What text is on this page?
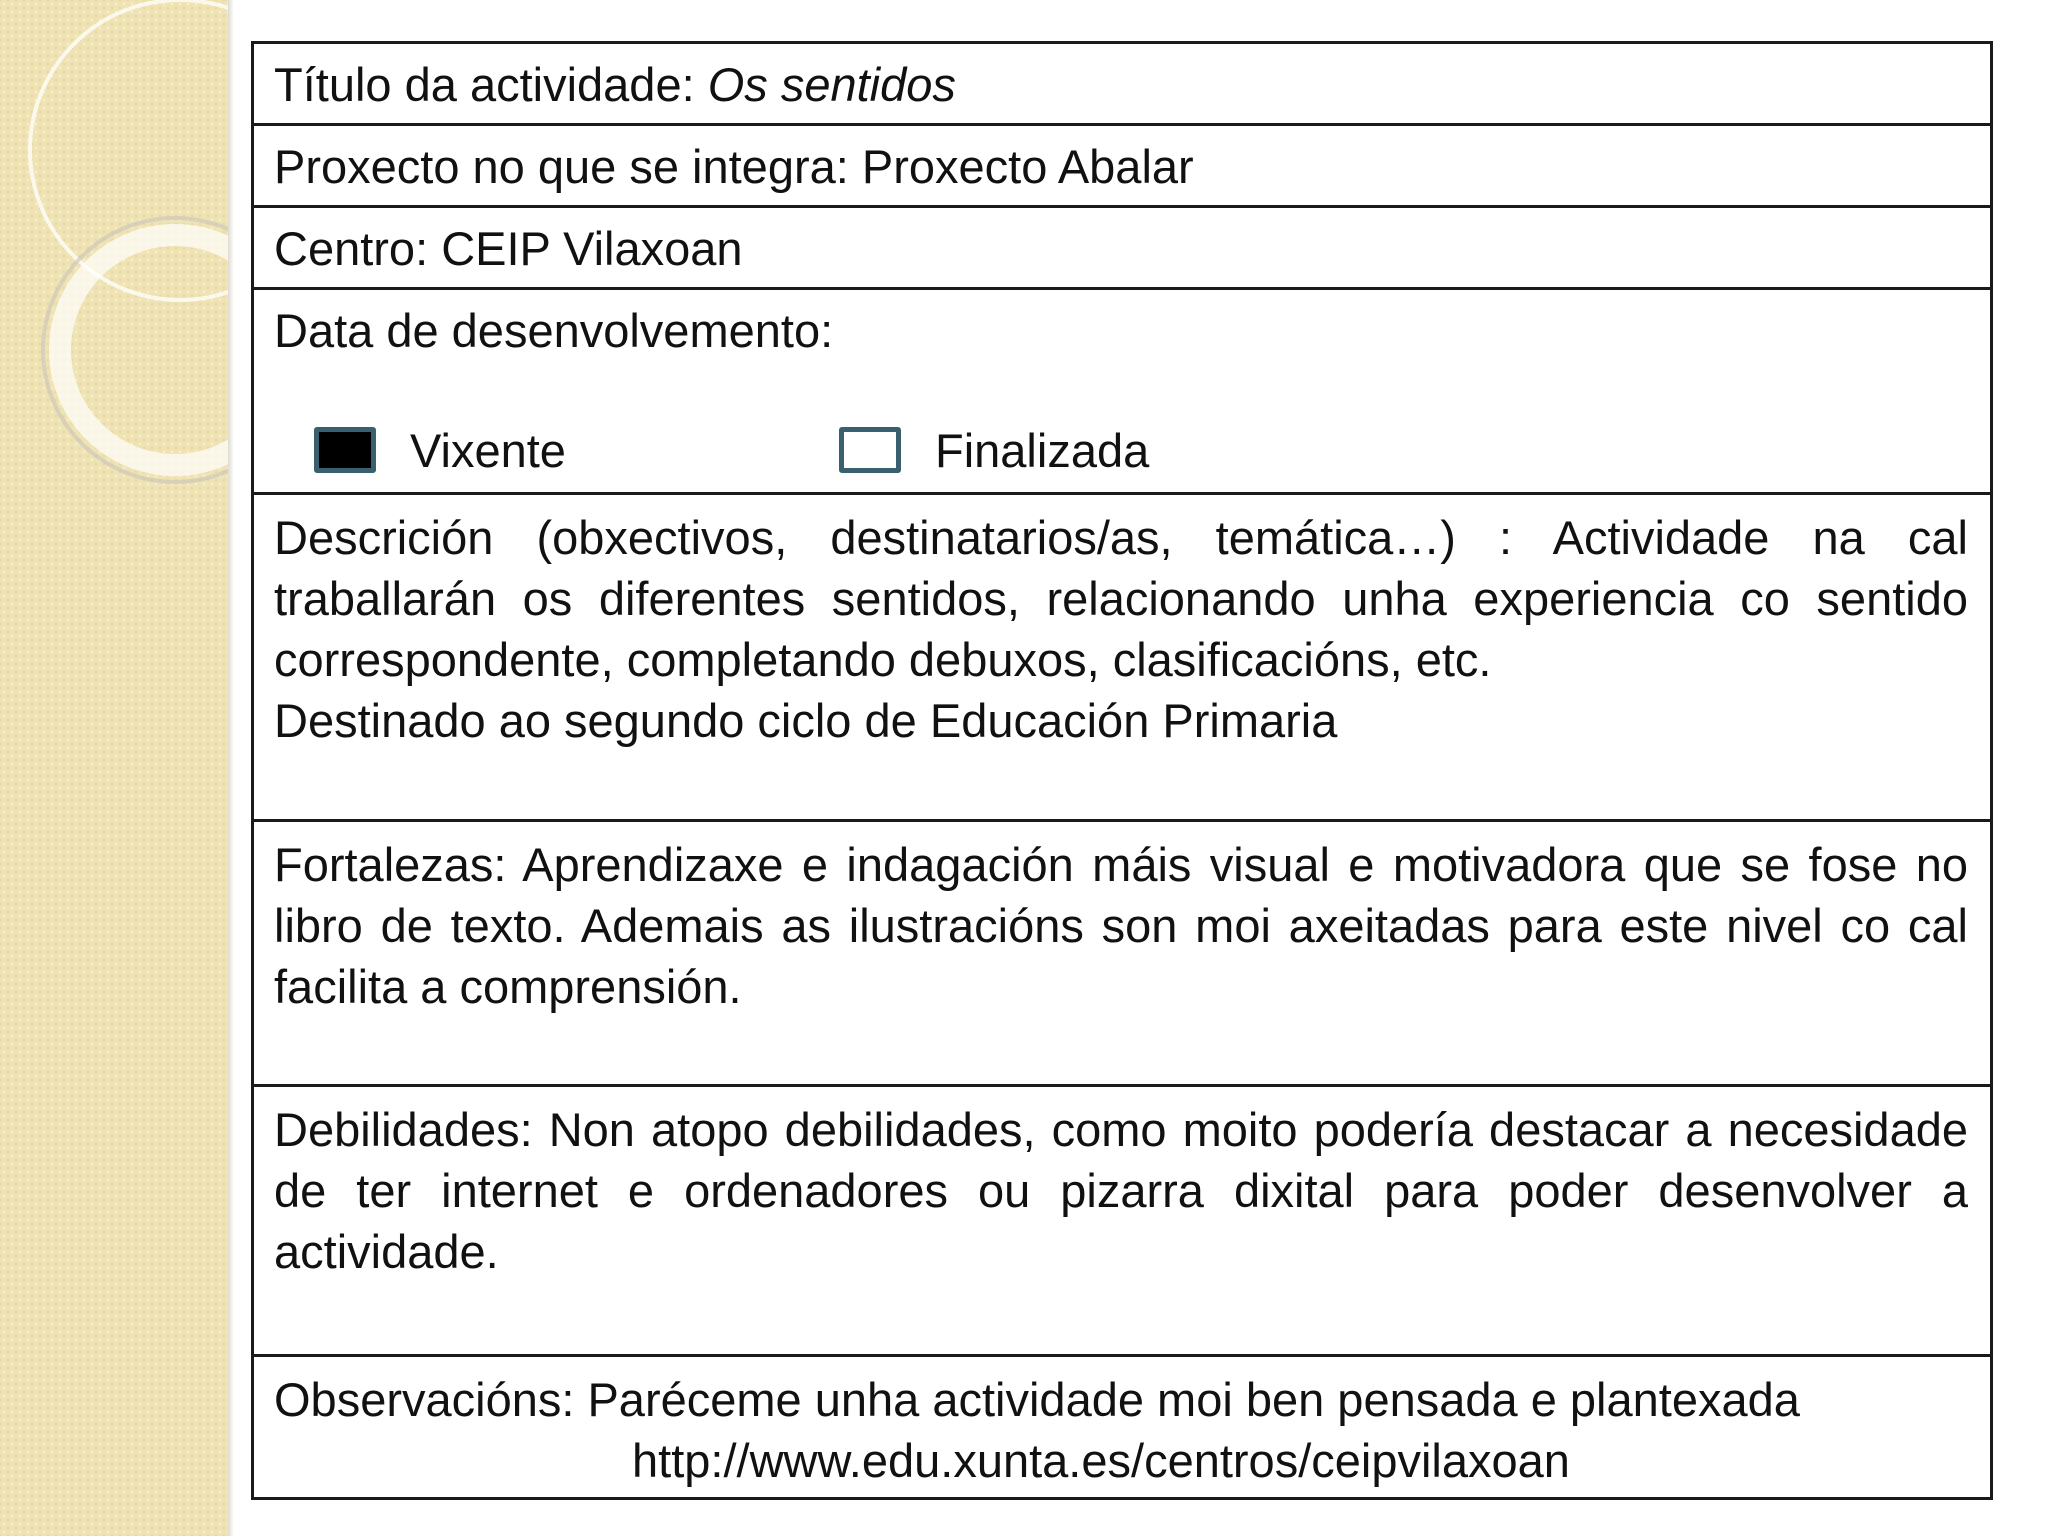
Título da actividade: Os sentidos
Proxecto no que se integra: Proxecto Abalar
Centro: CEIP Vilaxoan
Data de desenvolvemento:
Vixente	Finalizada
Descrición (obxectivos, destinatarios/as, temática…) : Actividade na cal traballarán os diferentes sentidos, relacionando unha experiencia co sentido correspondente, completando debuxos, clasificacións, etc.
Destinado ao segundo ciclo de Educación Primaria
Fortalezas: Aprendizaxe e indagación máis visual e motivadora que se fose no libro de texto. Ademais as ilustracións son moi axeitadas para este nivel co cal facilita a comprensión.
Debilidades: Non atopo debilidades, como moito podería destacar a necesidade de ter internet e ordenadores ou pizarra dixital para poder desenvolver a actividade.
Observacións: Paréceme unha actividade moi ben pensada e plantexada
http://www.edu.xunta.es/centros/ceipvilaxoan
